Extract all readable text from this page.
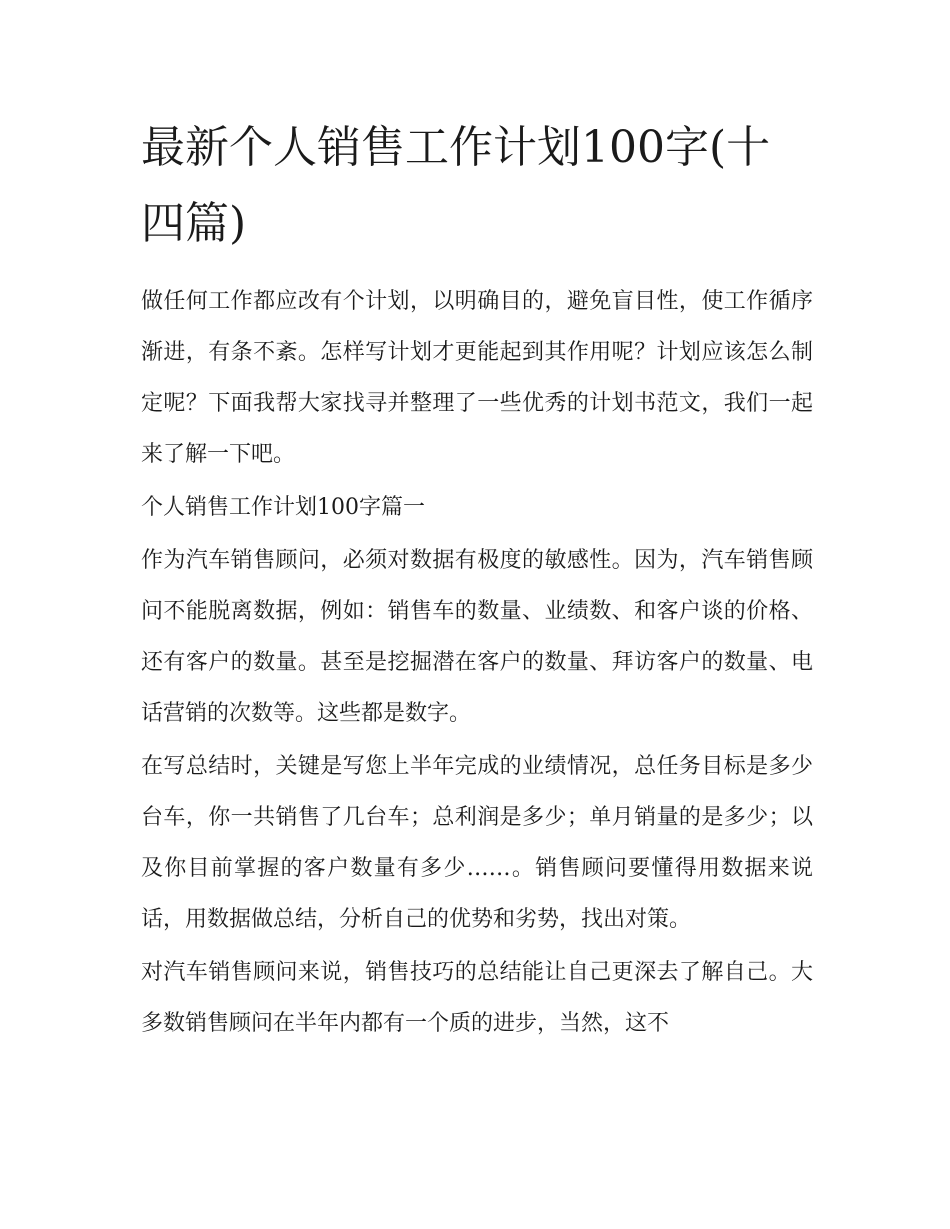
最新个人销售工作计划100字(十四篇)

做任何工作都应改有个计划，以明确目的，避免盲目性，使工作循序渐进，有条不紊。怎样写计划才更能起到其作用呢？计划应该怎么制定呢？下面我帮大家找寻并整理了一些优秀的计划书范文，我们一起来了解一下吧。

个人销售工作计划100字篇一

作为汽车销售顾问，必须对数据有极度的敏感性。因为，汽车销售顾问不能脱离数据，例如：销售车的数量、业绩数、和客户谈的价格、还有客户的数量。甚至是挖掘潜在客户的数量、拜访客户的数量、电话营销的次数等。这些都是数字。

在写总结时，关键是写您上半年完成的业绩情况，总任务目标是多少台车，你一共销售了几台车；总利润是多少；单月销量的是多少；以及你目前掌握的客户数量有多少……。销售顾问要懂得用数据来说话，用数据做总结，分析自己的优势和劣势，找出对策。

对汽车销售顾问来说，销售技巧的总结能让自己更深去了解自己。大多数销售顾问在半年内都有一个质的进步，当然，这不
